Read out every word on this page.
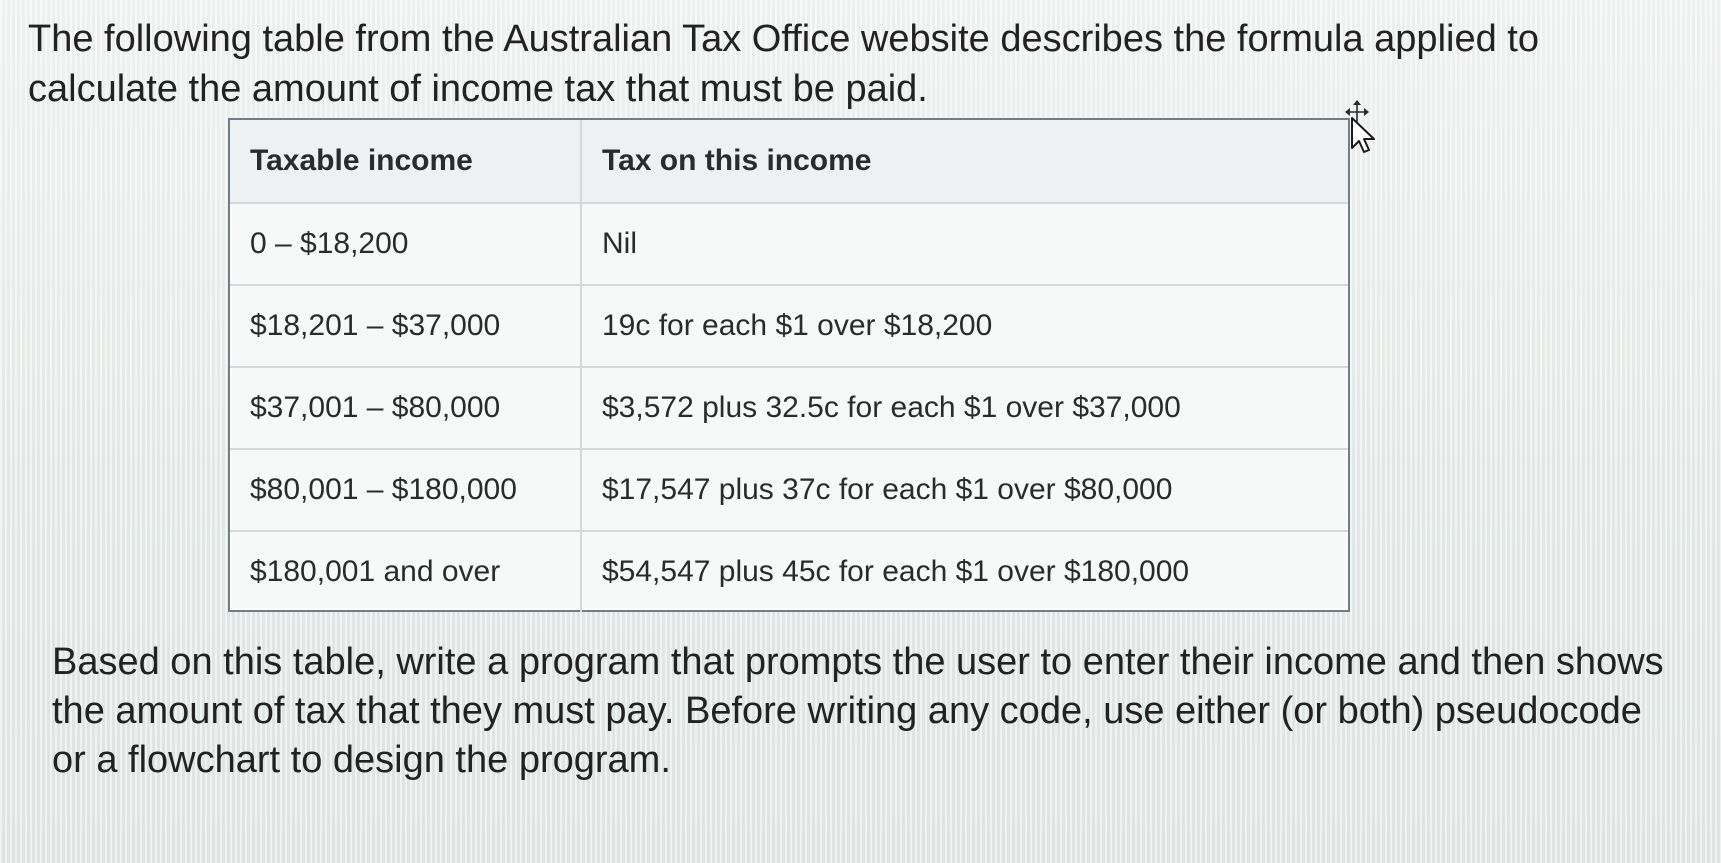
The following table from the Australian Tax Office website describes the formula applied to calculate the amount of income tax that must be paid.

Taxable income	Tax on this income
0 – $18,200	Nil
$18,201 – $37,000	19c for each $1 over $18,200
$37,001 – $80,000	$3,572 plus 32.5c for each $1 over $37,000
$80,001 – $180,000	$17,547 plus 37c for each $1 over $80,000
$180,001 and over	$54,547 plus 45c for each $1 over $180,000

Based on this table, write a program that prompts the user to enter their income and then shows the amount of tax that they must pay. Before writing any code, use either (or both) pseudocode or a flowchart to design the program.
